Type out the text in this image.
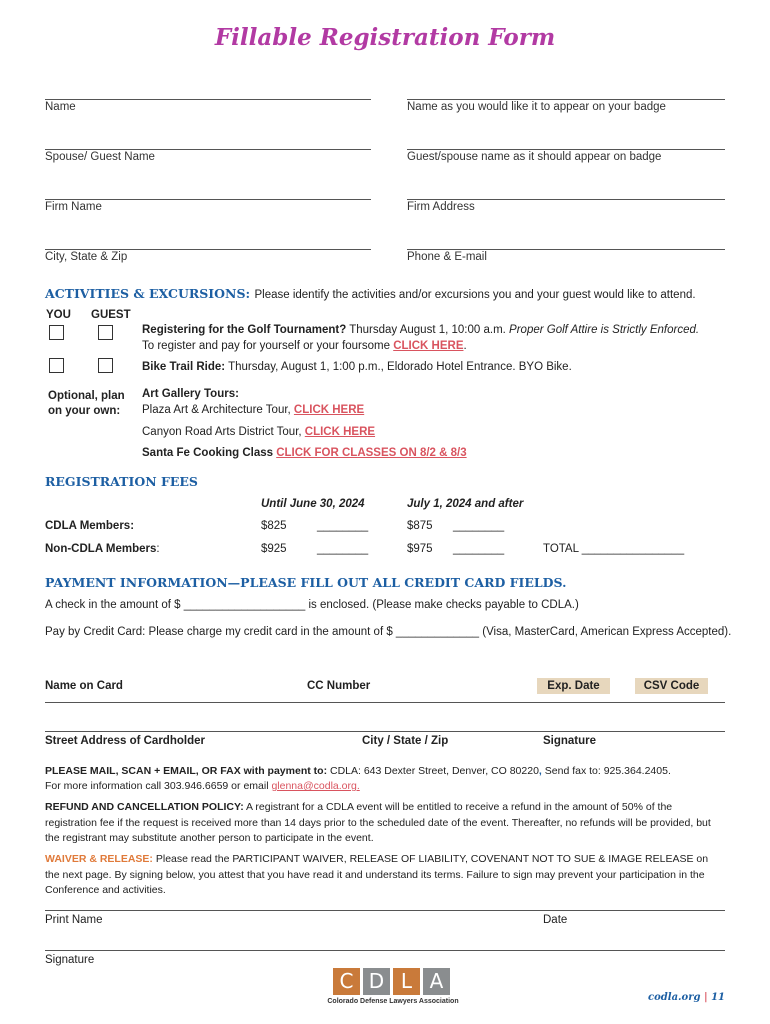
Fillable Registration Form
Name	Name as you would like it to appear on your badge
Spouse/ Guest Name	Guest/spouse name as it should appear on badge
Firm Name	Firm Address
City, State & Zip	Phone & E-mail
ACTIVITIES & EXCURSIONS: Please identify the activities and/or excursions you and your guest would like to attend.
YOU GUEST
Registering for the Golf Tournament? Thursday August 1, 10:00 a.m. Proper Golf Attire is Strictly Enforced.
To register and pay for yourself or your foursome CLICK HERE.
Bike Trail Ride: Thursday, August 1, 1:00 p.m., Eldorado Hotel Entrance. BYO Bike.
Optional, plan
on your own:
Art Gallery Tours:
Plaza Art & Architecture Tour, CLICK HERE
Canyon Road Arts District Tour, CLICK HERE
Santa Fe Cooking Class CLICK FOR CLASSES ON 8/2 & 8/3
REGISTRATION FEES
Until June 30, 2024	July 1, 2024 and after
CDLA Members:	$825	________	$875 ________
Non-CDLA Members:	$925	________	$975 ________	TOTAL ________________
PAYMENT INFORMATION—PLEASE FILL OUT ALL CREDIT CARD FIELDS.
A check in the amount of $ ___________________ is enclosed. (Please make checks payable to CDLA.)
Pay by Credit Card: Please charge my credit card in the amount of $ _____________ (Visa, MasterCard, American Express Accepted).
Name on Card	CC Number	Exp. Date	CSV Code
Street Address of Cardholder	City / State / Zip	Signature
PLEASE MAIL, SCAN + EMAIL, OR FAX with payment to: CDLA: 643 Dexter Street, Denver, CO 80220, Send fax to: 925.364.2405.
For more information call 303.946.6659 or email glenna@codla.org.
REFUND AND CANCELLATION POLICY: A registrant for a CDLA event will be entitled to receive a refund in the amount of 50% of the registration fee if the request is received more than 14 days prior to the scheduled date of the event. Thereafter, no refunds will be provided, but the registrant may substitute another person to participate in the event.
WAIVER & RELEASE: Please read the PARTICIPANT WAIVER, RELEASE OF LIABILITY, COVENANT NOT TO SUE & IMAGE RELEASE on the next page. By signing below, you attest that you have read it and understand its terms. Failure to sign may prevent your participation in the Conference and activities.
Print Name	Date
Signature
C D L A
Colorado Defense Lawyers Association	codla.org | 11
